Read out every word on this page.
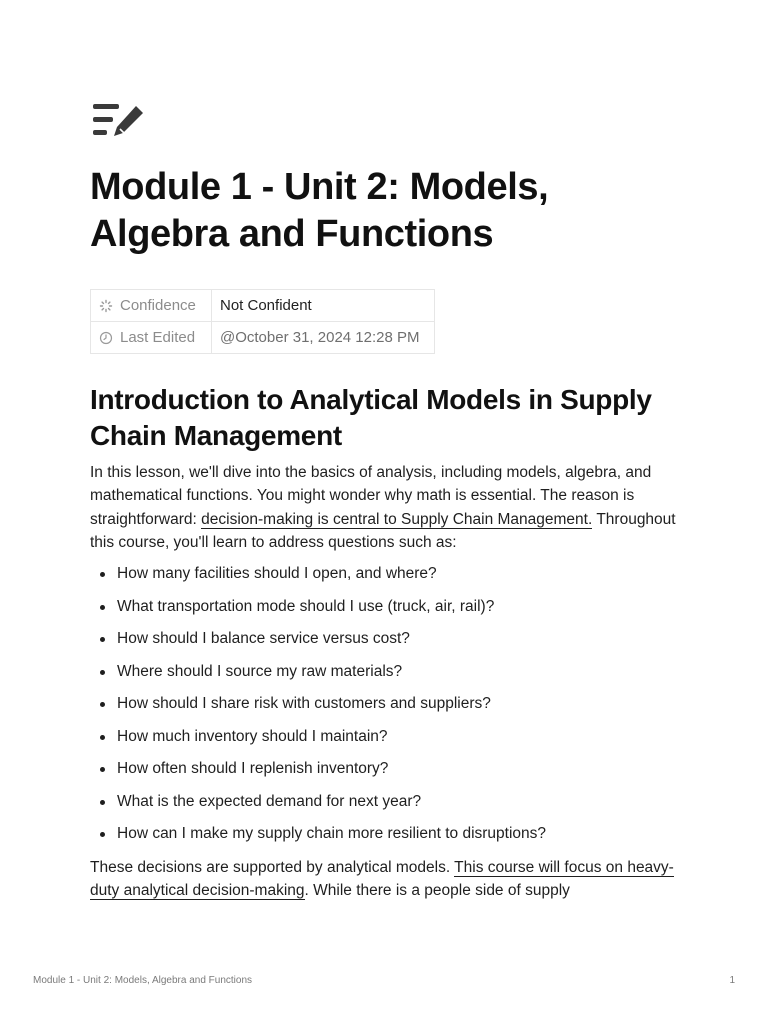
Module 1 - Unit 2: Models, Algebra and Functions
Confidence	Not Confident
Last Edited	@October 31, 2024 12:28 PM
Introduction to Analytical Models in Supply Chain Management

In this lesson, we'll dive into the basics of analysis, including models, algebra, and mathematical functions. You might wonder why math is essential. The reason is straightforward: decision-making is central to Supply Chain Management. Throughout this course, you'll learn to address questions such as:

How many facilities should I open, and where?
What transportation mode should I use (truck, air, rail)?
How should I balance service versus cost?
Where should I source my raw materials?
How should I share risk with customers and suppliers?
How much inventory should I maintain?
How often should I replenish inventory?
What is the expected demand for next year?
How can I make my supply chain more resilient to disruptions?

These decisions are supported by analytical models. This course will focus on heavy-duty analytical decision-making. While there is a people side of supply

Module 1 - Unit 2: Models, Algebra and Functions	1
